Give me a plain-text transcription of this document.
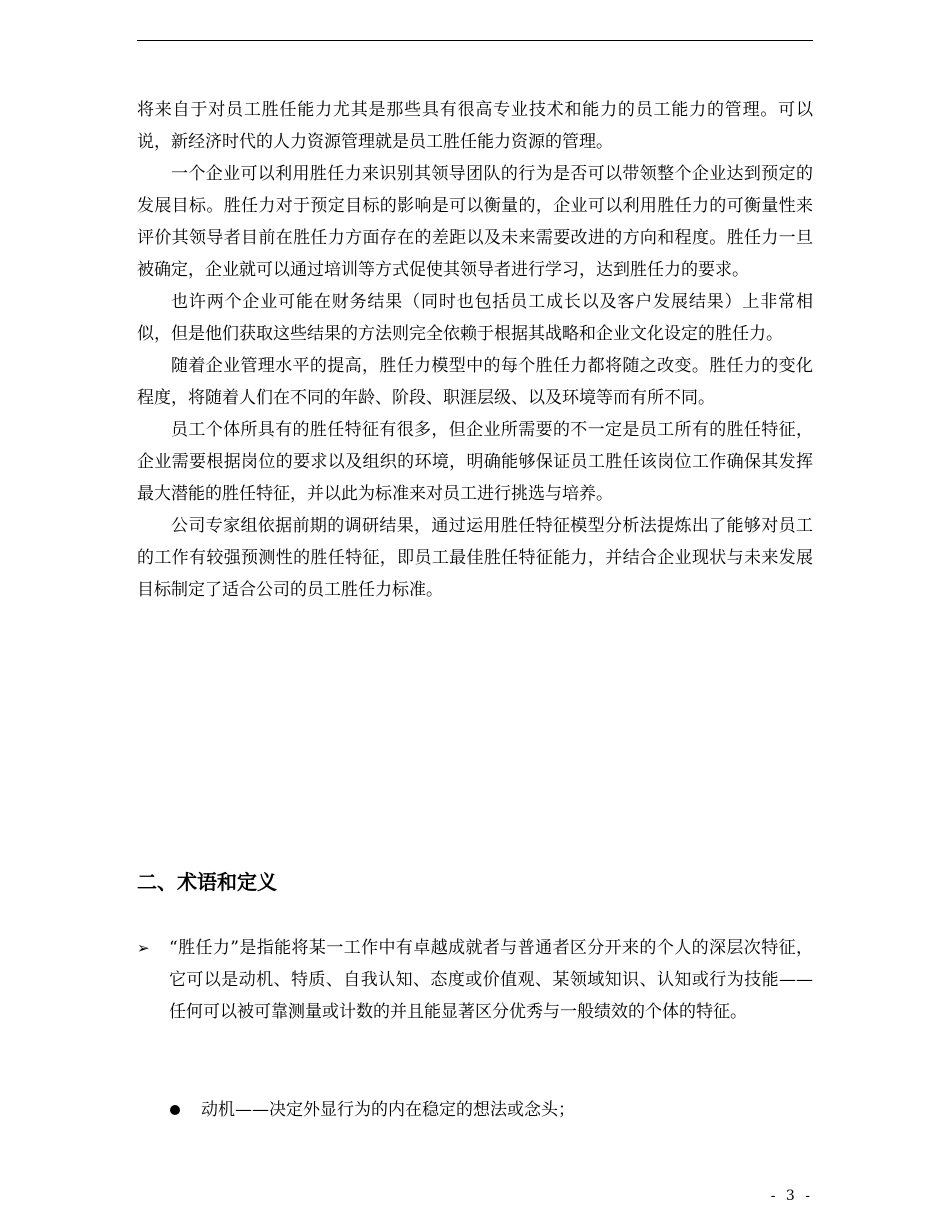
将来自于对员工胜任能力尤其是那些具有很高专业技术和能力的员工能力的管理。可以说，新经济时代的人力资源管理就是员工胜任能力资源的管理。

一个企业可以利用胜任力来识别其领导团队的行为是否可以带领整个企业达到预定的发展目标。胜任力对于预定目标的影响是可以衡量的，企业可以利用胜任力的可衡量性来评价其领导者目前在胜任力方面存在的差距以及未来需要改进的方向和程度。胜任力一旦被确定，企业就可以通过培训等方式促使其领导者进行学习，达到胜任力的要求。

也许两个企业可能在财务结果（同时也包括员工成长以及客户发展结果）上非常相似，但是他们获取这些结果的方法则完全依赖于根据其战略和企业文化设定的胜任力。

随着企业管理水平的提高，胜任力模型中的每个胜任力都将随之改变。胜任力的变化程度，将随着人们在不同的年龄、阶段、职涯层级、以及环境等而有所不同。

员工个体所具有的胜任特征有很多，但企业所需要的不一定是员工所有的胜任特征，企业需要根据岗位的要求以及组织的环境，明确能够保证员工胜任该岗位工作确保其发挥最大潜能的胜任特征，并以此为标准来对员工进行挑选与培养。

公司专家组依据前期的调研结果，通过运用胜任特征模型分析法提炼出了能够对员工的工作有较强预测性的胜任特征，即员工最佳胜任特征能力，并结合企业现状与未来发展目标制定了适合公司的员工胜任力标准。

二、术语和定义
➢ “胜任力”是指能将某一工作中有卓越成就者与普通者区分开来的个人的深层次特征，它可以是动机、特质、自我认知、态度或价值观、某领域知识、认知或行为技能——任何可以被可靠测量或计数的并且能显著区分优秀与一般绩效的个体的特征。

动机——决定外显行为的内在稳定的想法或念头；

- 3 -
